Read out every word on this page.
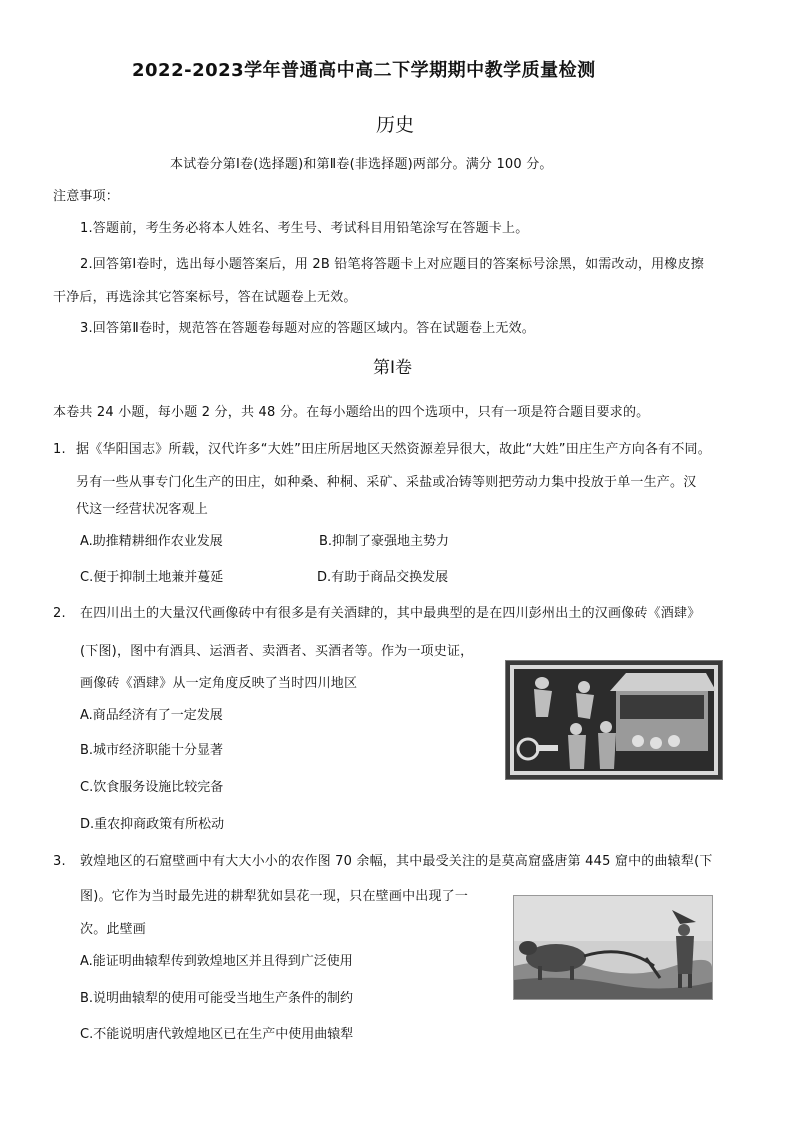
2022-2023学年普通高中高二下学期期中教学质量检测
历史
本试卷分第Ⅰ卷(选择题)和第Ⅱ卷(非选择题)两部分。满分 100 分。
注意事项：
1.答题前，考生务必将本人姓名、考生号、考试科目用铅笔涂写在答题卡上。
2.回答第Ⅰ卷时，选出每小题答案后，用 2B 铅笔将答题卡上对应题目的答案标号涂黑，如需改动，用橡皮擦
干净后，再选涂其它答案标号，答在试题卷上无效。
3.回答第Ⅱ卷时，规范答在答题卷每题对应的答题区域内。答在试题卷上无效。
第Ⅰ卷
本卷共 24 小题，每小题 2 分，共 48 分。在每小题给出的四个选项中，只有一项是符合题目要求的。
1. 据《华阳国志》所载，汉代许多“大姓”田庄所居地区天然资源差异很大，故此“大姓”田庄生产方向各有不同。
另有一些从事专门化生产的田庄，如种桑、种桐、采矿、采盐或冶铸等则把劳动力集中投放于单一生产。汉
代这一经营状况客观上
A.助推精耕细作农业发展	B.抑制了豪强地主势力
C.便于抑制土地兼并蔓延	D.有助于商品交换发展
2. 在四川出土的大量汉代画像砖中有很多是有关酒肆的，其中最典型的是在四川彭州出土的汉画像砖《酒肆》
(下图)，图中有酒具、运酒者、卖酒者、买酒者等。作为一项史证，
画像砖《酒肆》从一定角度反映了当时四川地区
A.商品经济有了一定发展
B.城市经济职能十分显著
C.饮食服务设施比较完备
D.重农抑商政策有所松动
3. 敦煌地区的石窟壁画中有大大小小的农作图 70 余幅，其中最受关注的是莫高窟盛唐第 445 窟中的曲辕犁(下
图)。它作为当时最先进的耕犁犹如昙花一现，只在壁画中出现了一
次。此壁画
A.能证明曲辕犁传到敦煌地区并且得到广泛使用
B.说明曲辕犁的使用可能受当地生产条件的制约
C.不能说明唐代敦煌地区已在生产中使用曲辕犁
